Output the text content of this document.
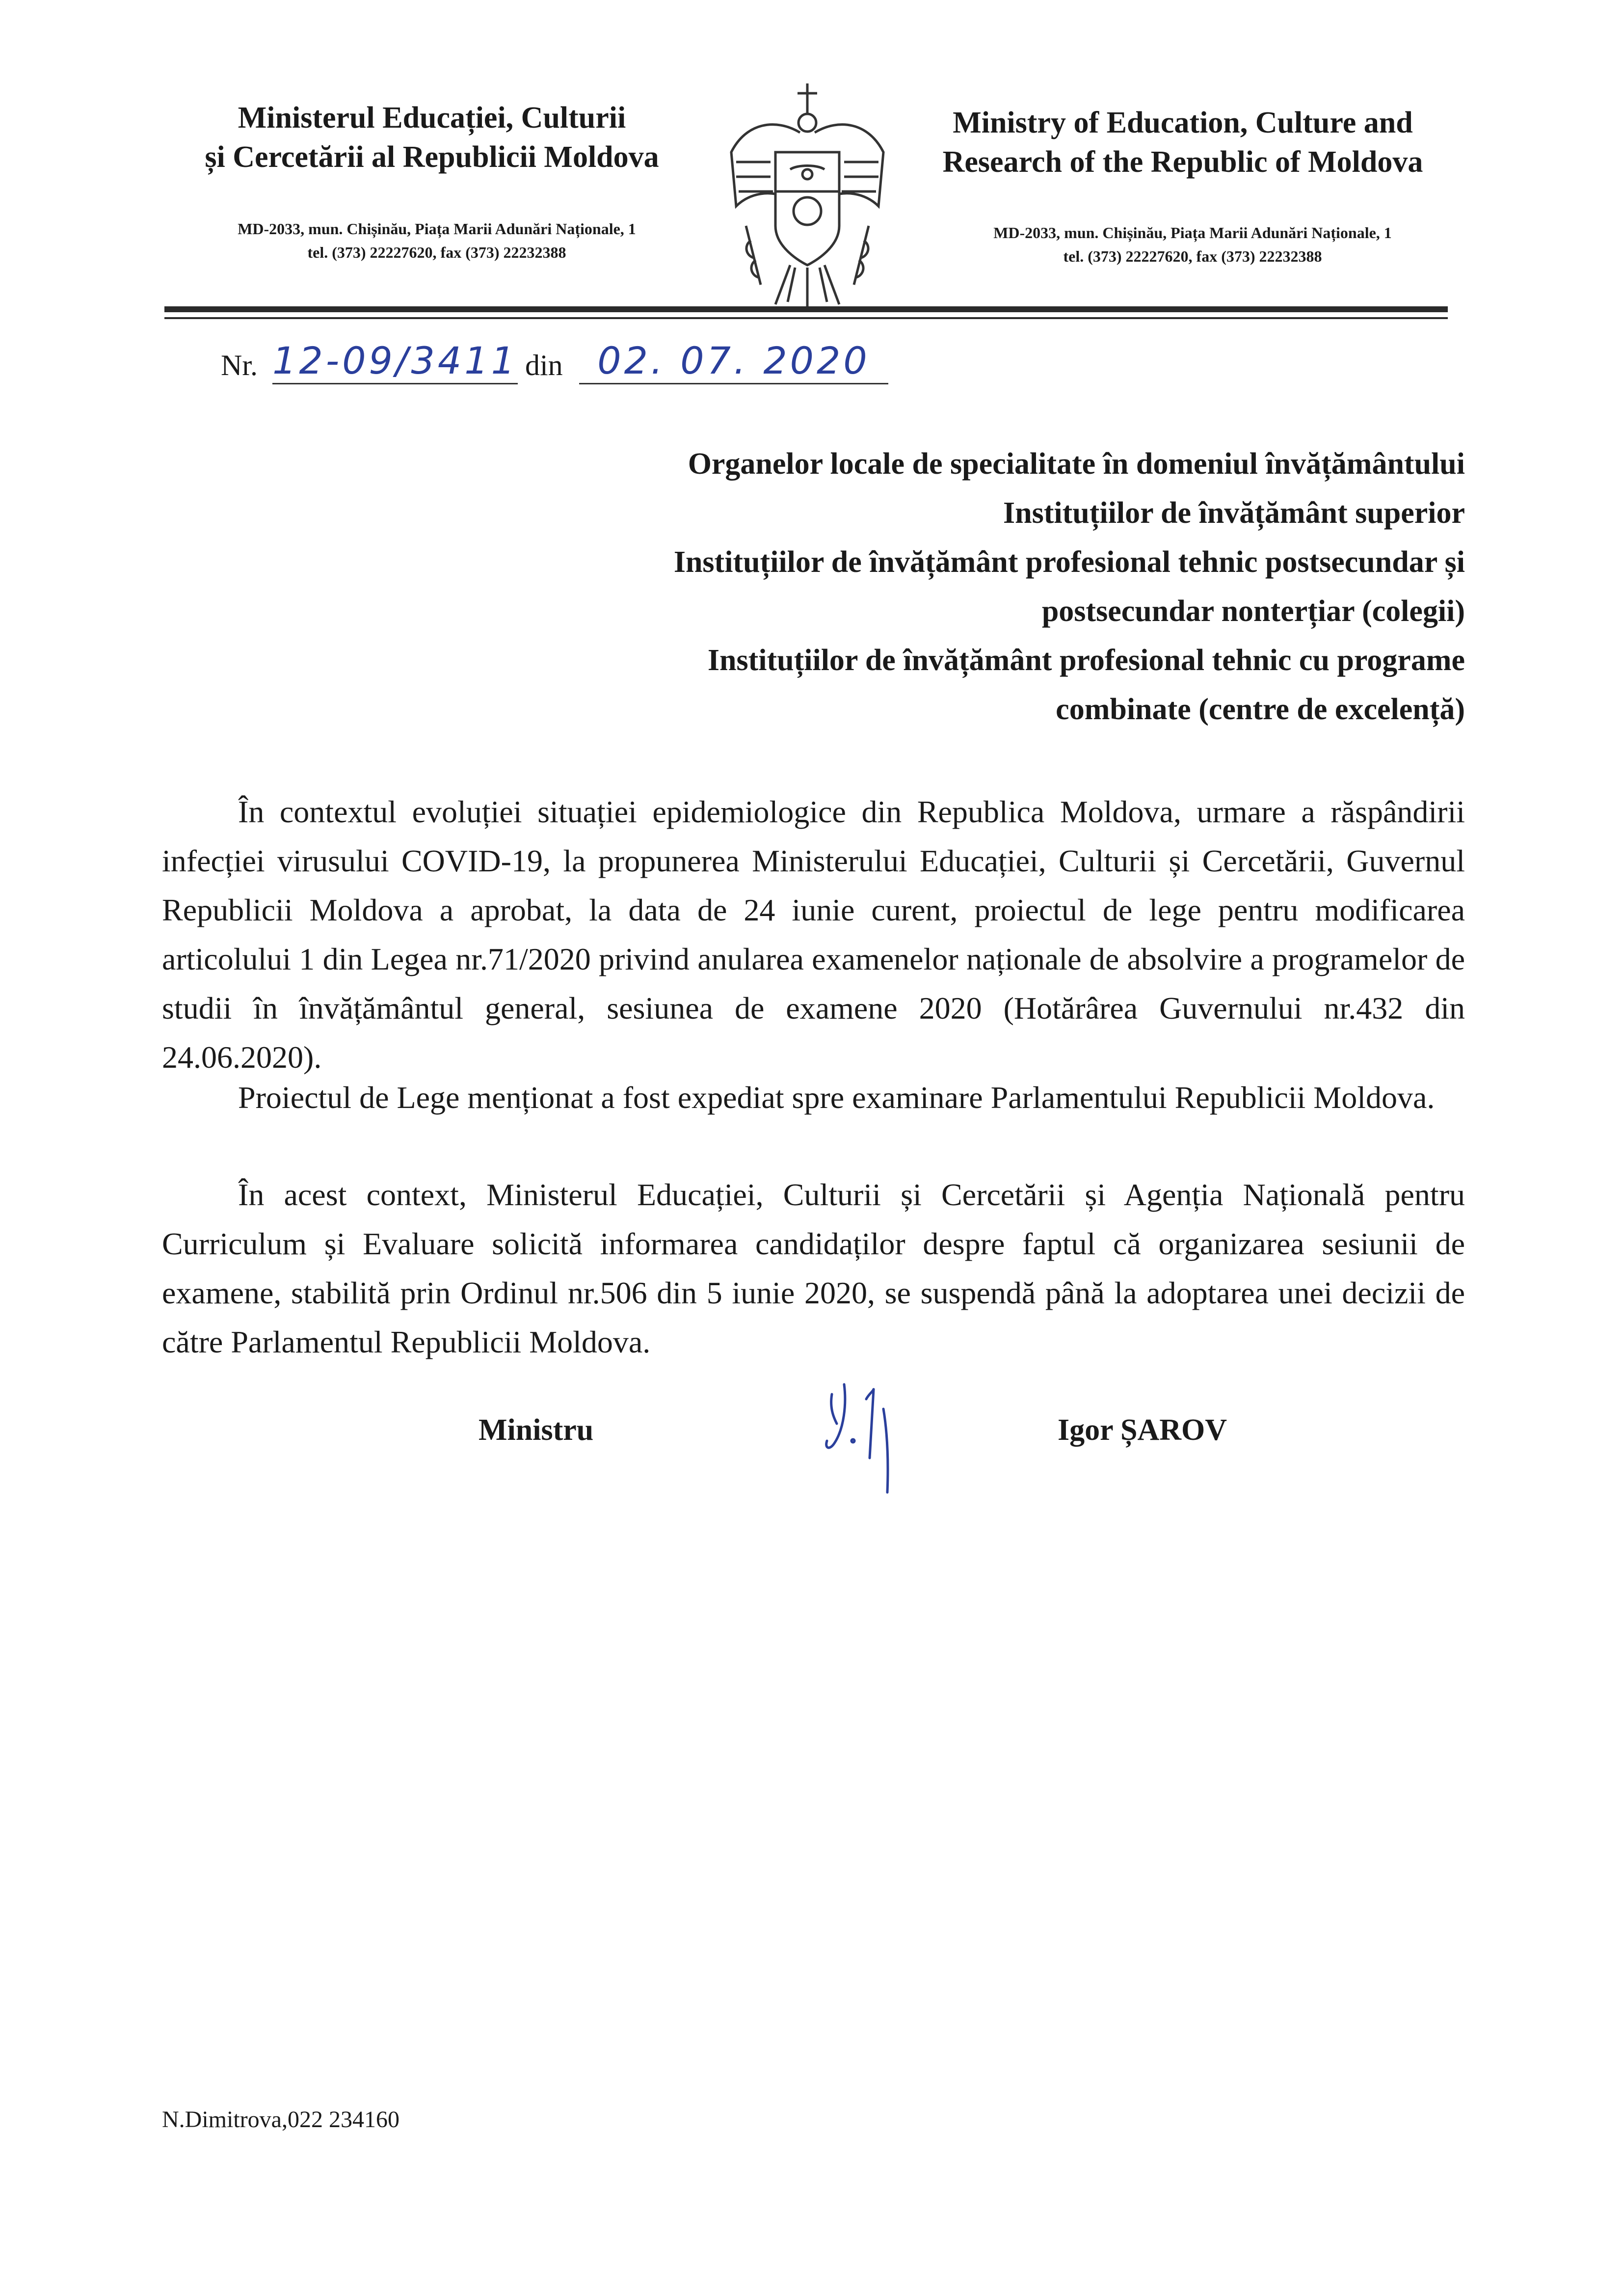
Ministerul Educației, Culturii
și Cercetării al Republicii Moldova
MD-2033, mun. Chișinău, Piața Marii Adunări Naționale, 1
tel. (373) 22227620, fax (373) 22232388
Ministry of Education, Culture and
Research of the Republic of Moldova
MD-2033, mun. Chișinău, Piața Marii Adunări Naționale, 1
tel. (373) 22227620, fax (373) 22232388
Nr. 12-09/3411 din 02. 07. 2020
Organelor locale de specialitate în domeniul învățământului
Instituțiilor de învățământ superior
Instituțiilor de învățământ profesional tehnic postsecundar și
postsecundar nonterțiar (colegii)
Instituțiilor de învățământ profesional tehnic cu programe
combinate (centre de excelență)

În contextul evoluției situației epidemiologice din Republica Moldova, urmare a răspândirii infecției virusului COVID-19, la propunerea Ministerului Educației, Culturii și Cercetării, Guvernul Republicii Moldova a aprobat, la data de 24 iunie curent, proiectul de lege pentru modificarea articolului 1 din Legea nr.71/2020 privind anularea examenelor naționale de absolvire a programelor de studii în învățământul general, sesiunea de examene 2020 (Hotărârea Guvernului nr.432 din 24.06.2020).

Proiectul de Lege menționat a fost expediat spre examinare Parlamentului Republicii Moldova.

În acest context, Ministerul Educației, Culturii și Cercetării și Agenția Națională pentru Curriculum și Evaluare solicită informarea candidaților despre faptul că organizarea sesiunii de examene, stabilită prin Ordinul nr.506 din 5 iunie 2020, se suspendă până la adoptarea unei decizii de către Parlamentul Republicii Moldova.

Ministru	Igor ȘAROV
N.Dimitrova,022 234160
